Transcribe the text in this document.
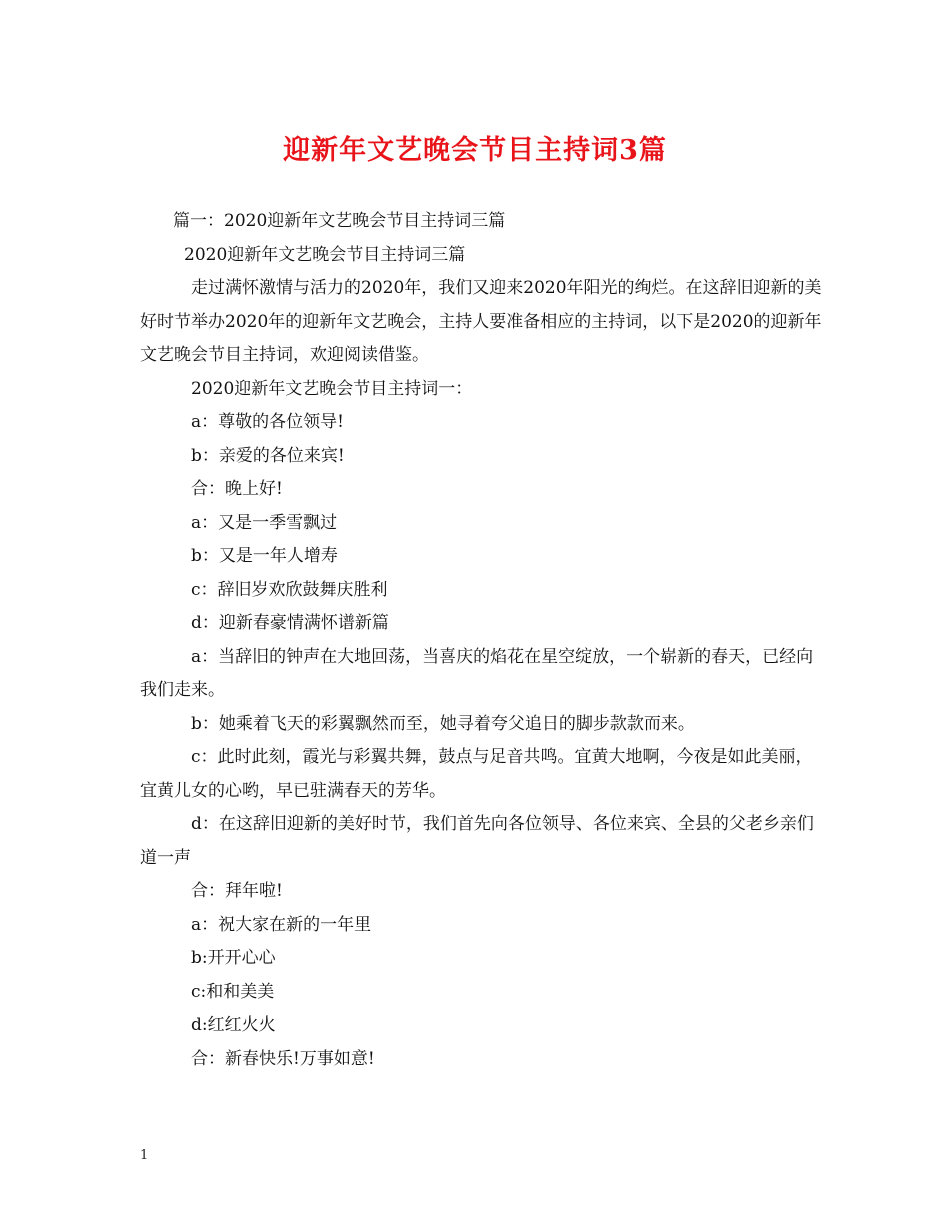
迎新年文艺晚会节目主持词3篇

篇一：2020迎新年文艺晚会节目主持词三篇

2020迎新年文艺晚会节目主持词三篇

走过满怀激情与活力的2020年，我们又迎来2020年阳光的绚烂。在这辞旧迎新的美好时节举办2020年的迎新年文艺晚会，主持人要准备相应的主持词，以下是2020的迎新年文艺晚会节目主持词，欢迎阅读借鉴。

2020迎新年文艺晚会节目主持词一：

a：尊敬的各位领导!

b：亲爱的各位来宾!

合：晚上好!

a：又是一季雪飘过

b：又是一年人增寿

c：辞旧岁欢欣鼓舞庆胜利

d：迎新春豪情满怀谱新篇

a：当辞旧的钟声在大地回荡，当喜庆的焰花在星空绽放，一个崭新的春天，已经向我们走来。

b：她乘着飞天的彩翼飘然而至，她寻着夸父追日的脚步款款而来。

c：此时此刻，霞光与彩翼共舞，鼓点与足音共鸣。宜黄大地啊，今夜是如此美丽，宜黄儿女的心哟，早已驻满春天的芳华。

d：在这辞旧迎新的美好时节，我们首先向各位领导、各位来宾、全县的父老乡亲们道一声

合：拜年啦!

a：祝大家在新的一年里

b:开开心心

c:和和美美

d:红红火火

合：新春快乐!万事如意!

1
